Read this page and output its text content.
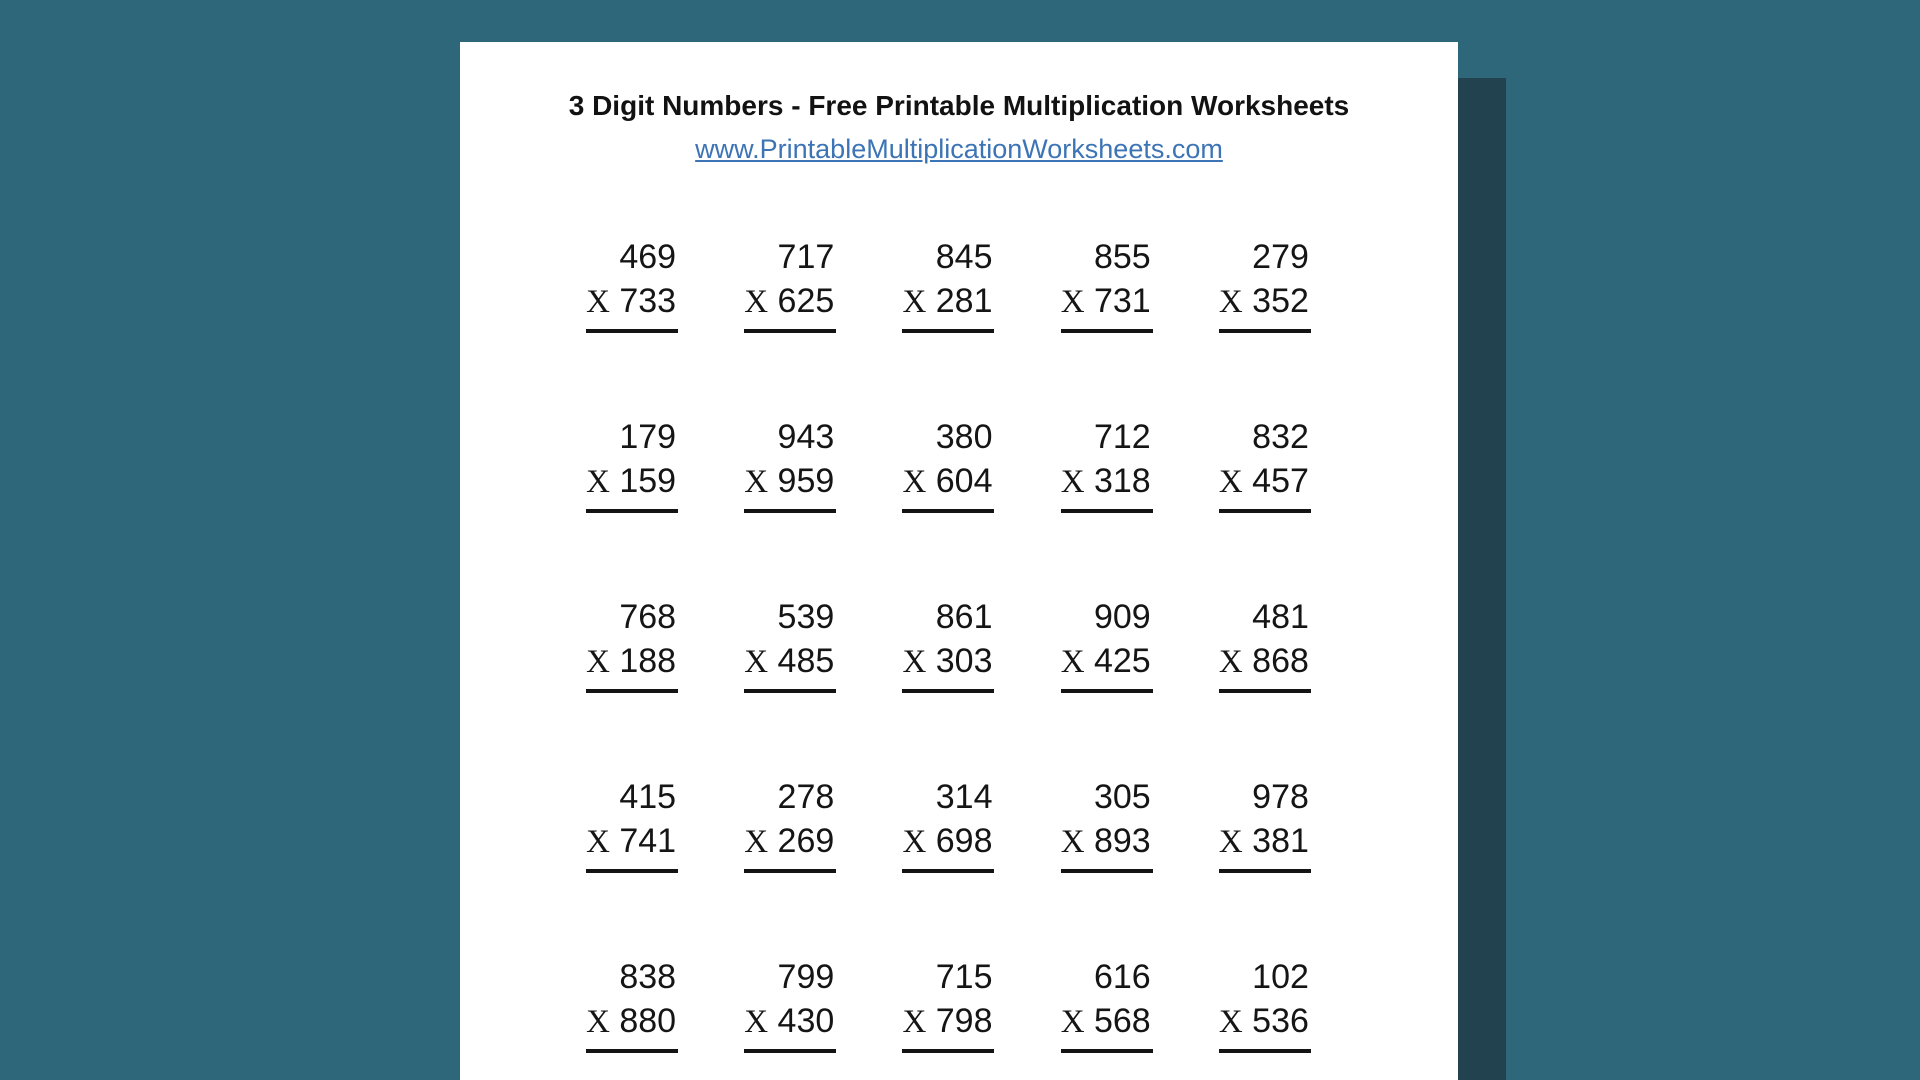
3 Digit Numbers - Free Printable Multiplication Worksheets
www.PrintableMultiplicationWorksheets.com
469
X 733
717
X 625
845
X 281
855
X 731
279
X 352
179
X 159
943
X 959
380
X 604
712
X 318
832
X 457
768
X 188
539
X 485
861
X 303
909
X 425
481
X 868
415
X 741
278
X 269
314
X 698
305
X 893
978
X 381
838
X 880
799
X 430
715
X 798
616
X 568
102
X 536
